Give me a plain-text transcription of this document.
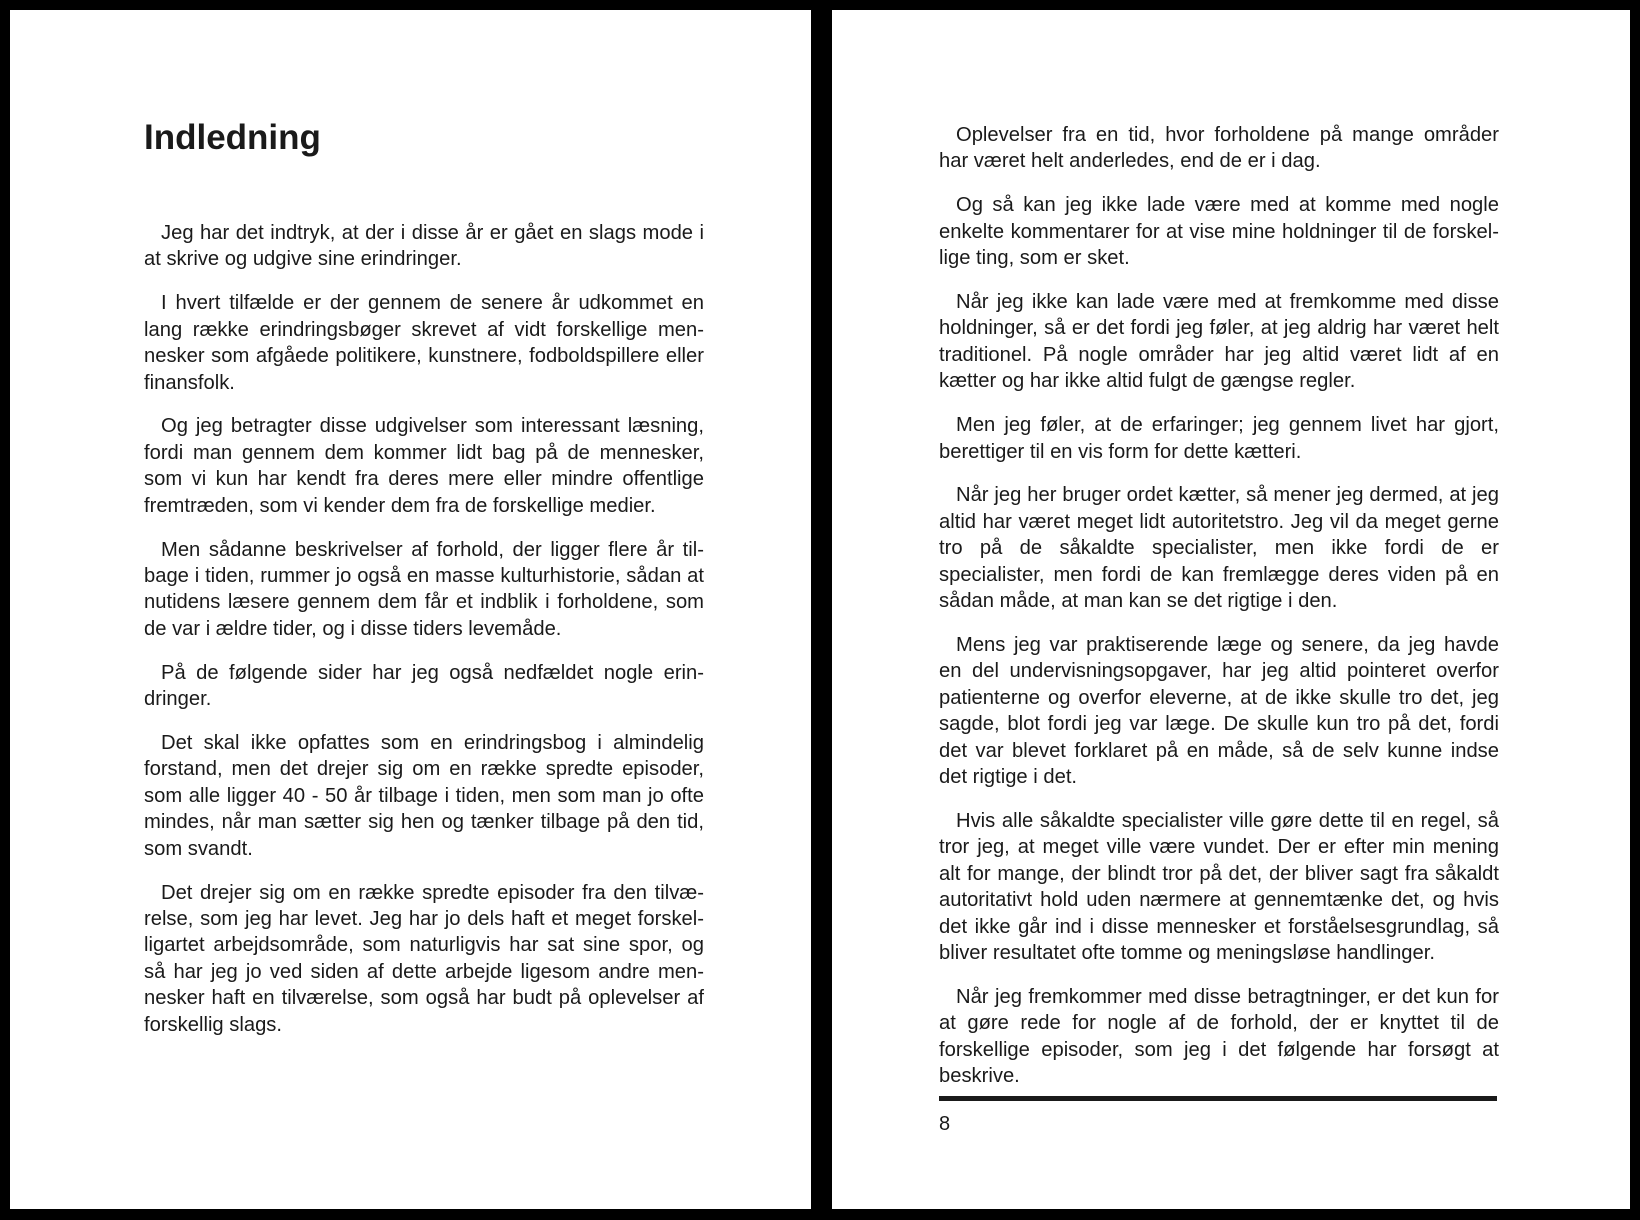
Indledning

Jeg har det indtryk, at der i disse år er gået en slags mode i at skrive og udgive sine erindringer.

I hvert tilfælde er der gennem de senere år udkommet en lang række erindringsbøger skrevet af vidt forskellige mennesker som afgåede politikere, kunstnere, fodboldspillere eller finansfolk.

Og jeg betragter disse udgivelser som interessant læsning, fordi man gennem dem kommer lidt bag på de mennesker, som vi kun har kendt fra deres mere eller mindre offentlige fremtræden, som vi kender dem fra de forskellige medier.

Men sådanne beskrivelser af forhold, der ligger flere år tilbage i tiden, rummer jo også en masse kulturhistorie, sådan at nutidens læsere gennem dem får et indblik i forholdene, som de var i ældre tider, og i disse tiders levemåde.

På de følgende sider har jeg også nedfældet nogle erindringer.

Det skal ikke opfattes som en erindringsbog i almindelig forstand, men det drejer sig om en række spredte episoder, som alle ligger 40 - 50 år tilbage i tiden, men som man jo ofte mindes, når man sætter sig hen og tænker tilbage på den tid, som svandt.

Det drejer sig om en række spredte episoder fra den tilværelse, som jeg har levet. Jeg har jo dels haft et meget forskelligartet arbejdsområde, som naturligvis har sat sine spor, og så har jeg jo ved siden af dette arbejde ligesom andre mennesker haft en tilværelse, som også har budt på oplevelser af forskellig slags.

Oplevelser fra en tid, hvor forholdene på mange områder har været helt anderledes, end de er i dag.

Og så kan jeg ikke lade være med at komme med nogle enkelte kommentarer for at vise mine holdninger til de forskellige ting, som er sket.

Når jeg ikke kan lade være med at fremkomme med disse holdninger, så er det fordi jeg føler, at jeg aldrig har været helt traditionel. På nogle områder har jeg altid været lidt af en kætter og har ikke altid fulgt de gængse regler.

Men jeg føler, at de erfaringer; jeg gennem livet har gjort, berettiger til en vis form for dette kætteri.

Når jeg her bruger ordet kætter, så mener jeg dermed, at jeg altid har været meget lidt autoritetstro. Jeg vil da meget gerne tro på de såkaldte specialister, men ikke fordi de er specialister, men fordi de kan fremlægge deres viden på en sådan måde, at man kan se det rigtige i den.

Mens jeg var praktiserende læge og senere, da jeg havde en del undervisningsopgaver, har jeg altid pointeret overfor patienterne og overfor eleverne, at de ikke skulle tro det, jeg sagde, blot fordi jeg var læge. De skulle kun tro på det, fordi det var blevet forklaret på en måde, så de selv kunne indse det rigtige i det.

Hvis alle såkaldte specialister ville gøre dette til en regel, så tror jeg, at meget ville være vundet. Der er efter min mening alt for mange, der blindt tror på det, der bliver sagt fra såkaldt autoritativt hold uden nærmere at gennemtænke det, og hvis det ikke går ind i disse mennesker et forståelsesgrundlag, så bliver resultatet ofte tomme og meningsløse handlinger.

Når jeg fremkommer med disse betragtninger, er det kun for at gøre rede for nogle af de forhold, der er knyttet til de forskellige episoder, som jeg i det følgende har forsøgt at beskrive.

8
